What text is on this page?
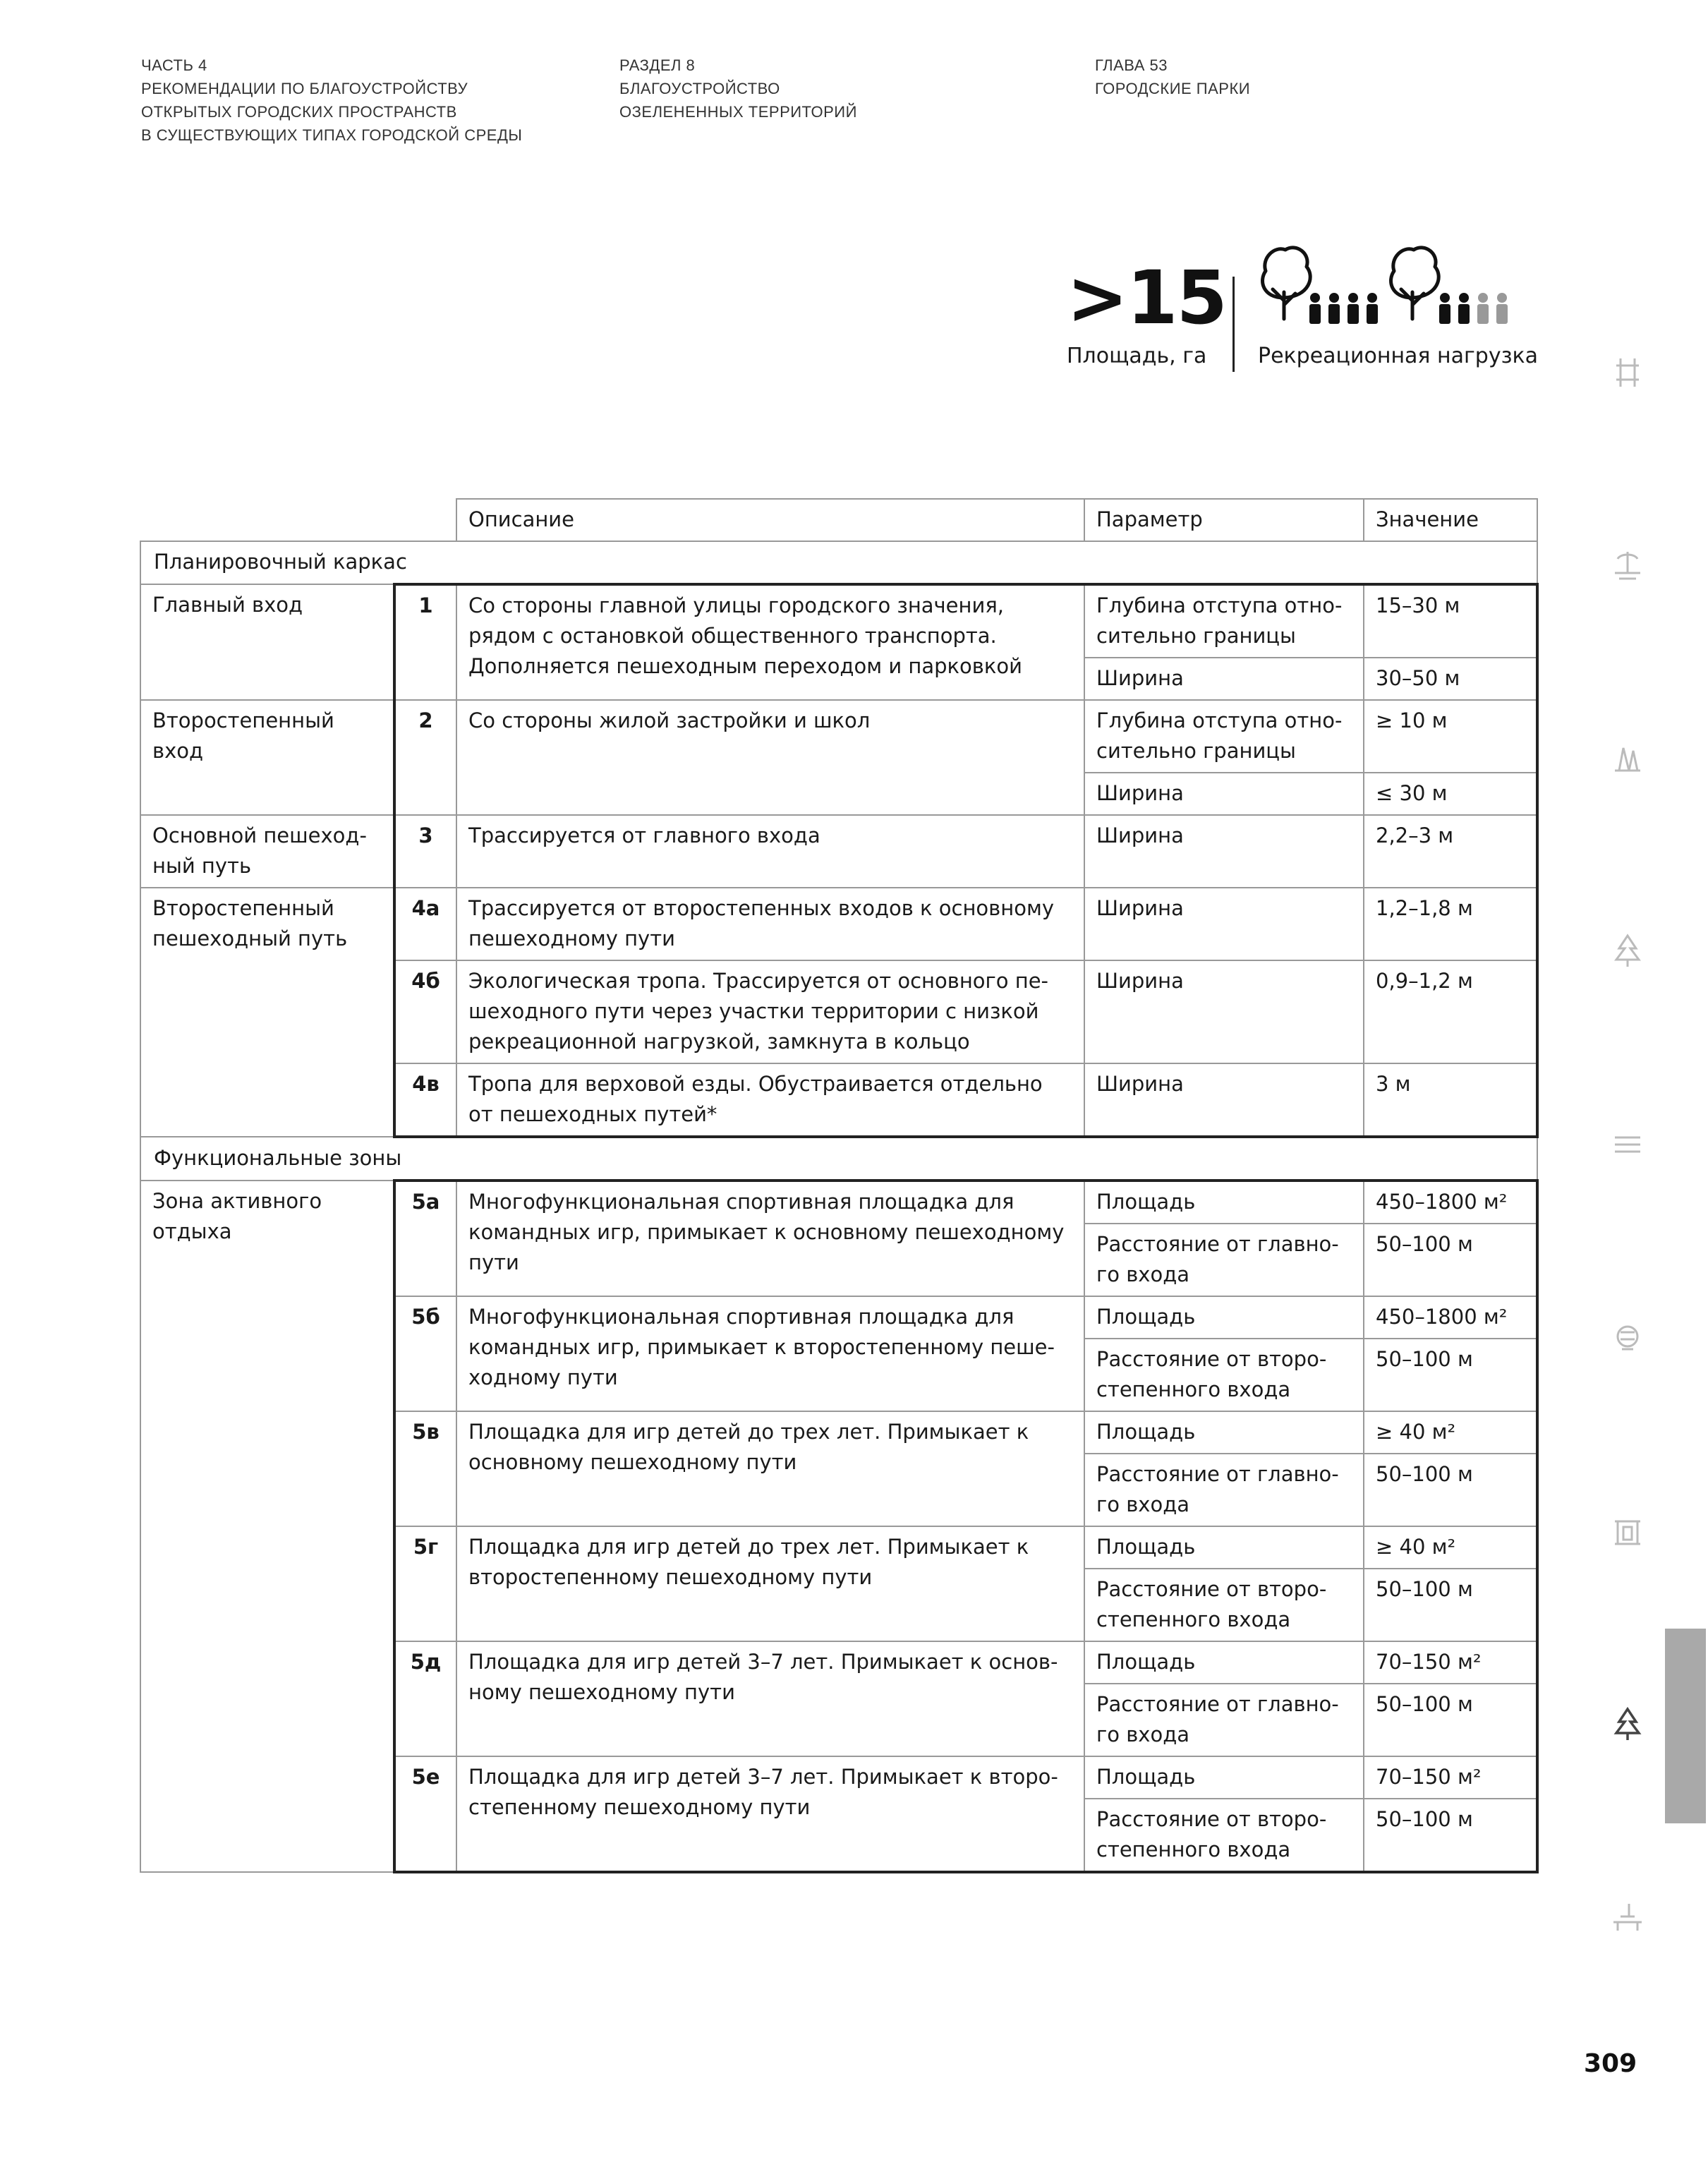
ЧАСТЬ 4
РЕКОМЕНДАЦИИ ПО БЛАГОУСТРОЙСТВУ
ОТКРЫТЫХ ГОРОДСКИХ ПРОСТРАНСТВ
В СУЩЕСТВУЮЩИХ ТИПАХ ГОРОДСКОЙ СРЕДЫ
РАЗДЕЛ 8
БЛАГОУСТРОЙСТВО
ОЗЕЛЕНЕННЫХ ТЕРРИТОРИЙ
ГЛАВА 53
ГОРОДСКИЕ ПАРКИ
>15
Площадь, га Рекреационная нагрузка
		Описание	Параметр	Значение
Планировочный каркас				
Главный вход	1	Со стороны главной улицы городского значения, рядом с остановкой общественного транспорта. Дополняется пешеходным переходом и парковкой	Глубина отступа отно-сительно границы	15–30 м
			Ширина	30–50 м
Второстепенный вход	2	Со стороны жилой застройки и школ	Глубина отступа отно-сительно границы	≥ 10 м
			Ширина	≤ 30 м
Основной пешеход-ный путь	3	Трассируется от главного входа	Ширина	2,2–3 м
Второстепенный пешеходный путь	4а	Трассируется от второстепенных входов к основному пешеходному пути	Ширина	1,2–1,8 м
	4б	Экологическая тропа. Трассируется от основного пе-шеходного пути через участки территории с низкой рекреационной нагрузкой, замкнута в кольцо	Ширина	0,9–1,2 м
	4в	Тропа для верховой езды. Обустраивается отдельно от пешеходных путей*	Ширина	3 м
Функциональные зоны				
Зона активного отдыха	5а	Многофункциональная спортивная площадка для командных игр, примыкает к основному пешеходному пути	Площадь	450–1800 м²
			Расстояние от главно-го входа	50–100 м
	5б	Многофункциональная спортивная площадка для командных игр, примыкает к второстепенному пеше-ходному пути	Площадь	450–1800 м²
			Расстояние от второ-степенного входа	50–100 м
	5в	Площадка для игр детей до трех лет. Примыкает к основному пешеходному пути	Площадь	≥ 40 м²
			Расстояние от главно-го входа	50–100 м
	5г	Площадка для игр детей до трех лет. Примыкает к второстепенному пешеходному пути	Площадь	≥ 40 м²
			Расстояние от второ-степенного входа	50–100 м
	5д	Площадка для игр детей 3–7 лет. Примыкает к основ-ному пешеходному пути	Площадь	70–150 м²
			Расстояние от главно-го входа	50–100 м
	5е	Площадка для игр детей 3–7 лет. Примыкает к второ-степенному пешеходному пути	Площадь	70–150 м²
			Расстояние от второ-степенного входа	50–100 м
309
